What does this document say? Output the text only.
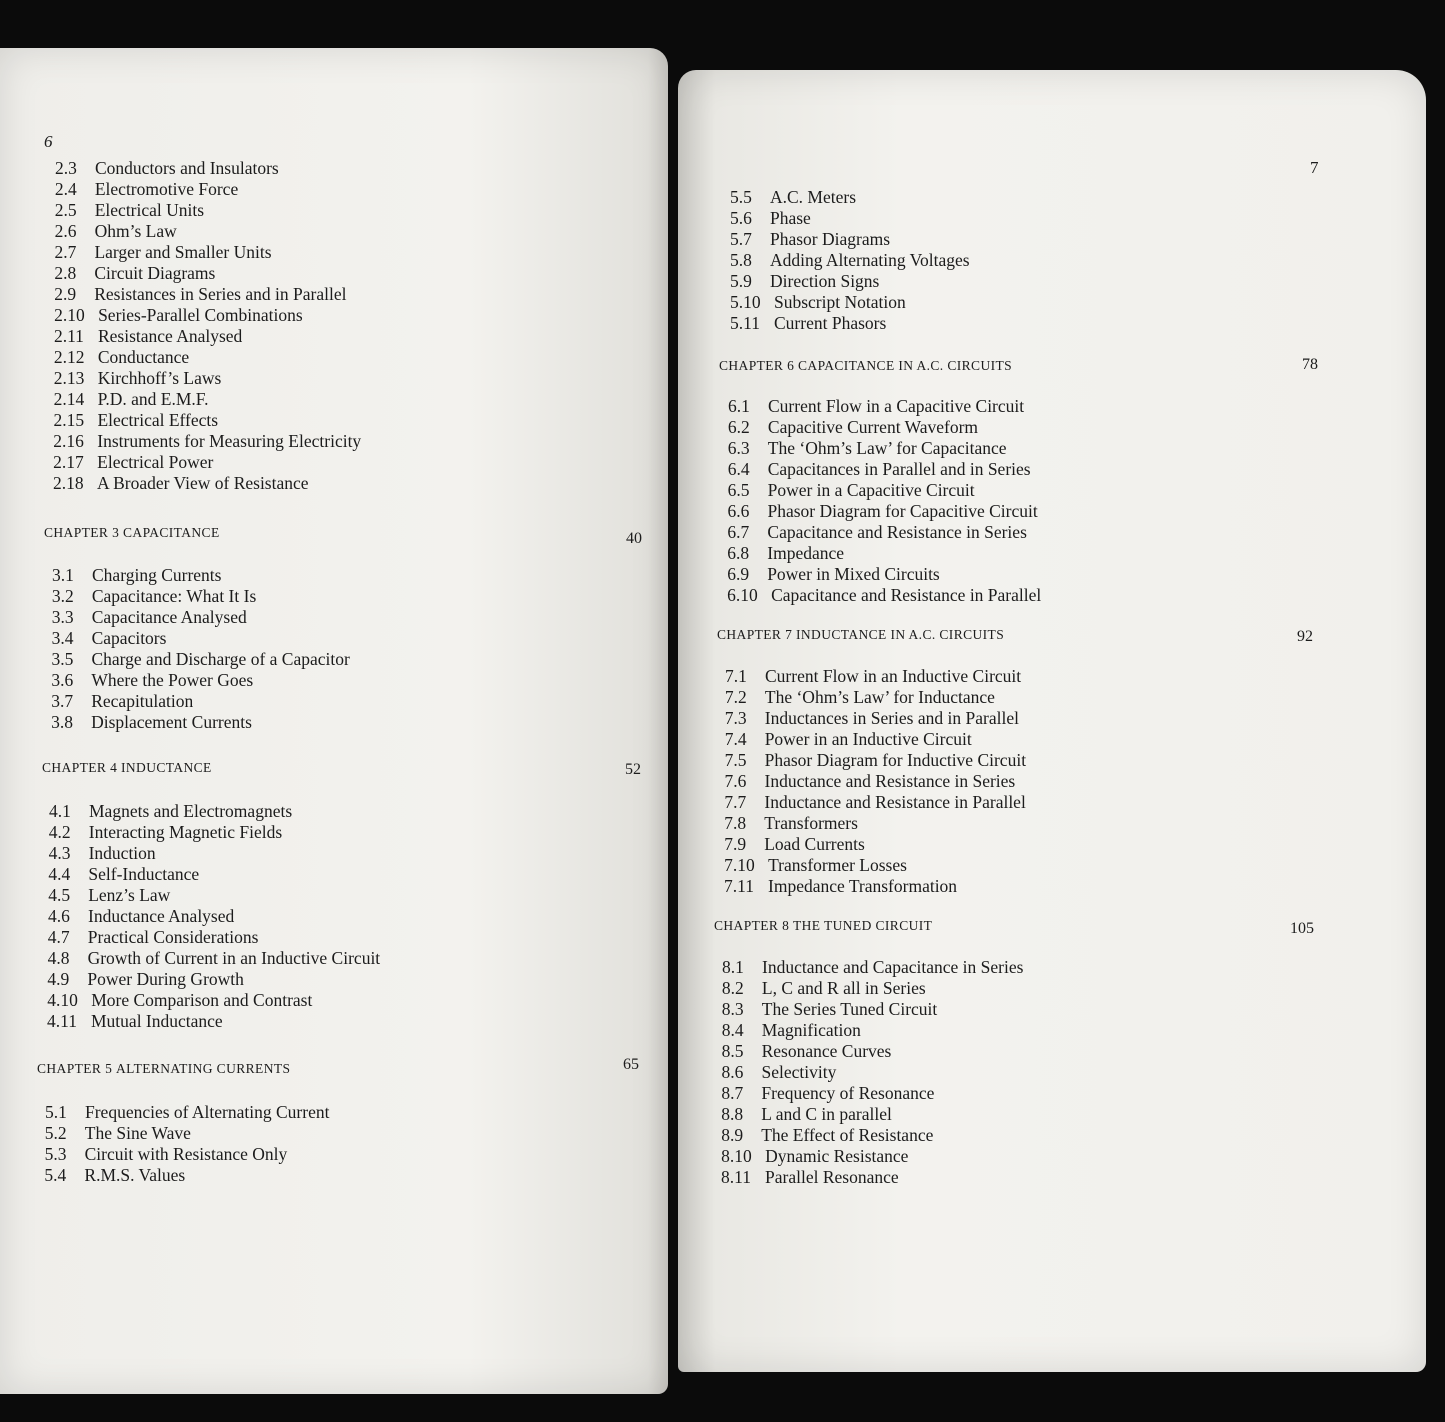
6
7
2.3 Conductors and Insulators
2.4 Electromotive Force
2.5 Electrical Units
2.6 Ohm’s Law
2.7 Larger and Smaller Units
2.8 Circuit Diagrams
2.9 Resistances in Series and in Parallel
2.10 Series-Parallel Combinations
2.11 Resistance Analysed
2.12 Conductance
2.13 Kirchhoff’s Laws
2.14 P.D. and E.M.F.
2.15 Electrical Effects
2.16 Instruments for Measuring Electricity
2.17 Electrical Power
2.18 A Broader View of Resistance
CHAPTER 3 CAPACITANCE	40
3.1 Charging Currents
3.2 Capacitance: What It Is
3.3 Capacitance Analysed
3.4 Capacitors
3.5 Charge and Discharge of a Capacitor
3.6 Where the Power Goes
3.7 Recapitulation
3.8 Displacement Currents
CHAPTER 4 INDUCTANCE	52
4.1 Magnets and Electromagnets
4.2 Interacting Magnetic Fields
4.3 Induction
4.4 Self-Inductance
4.5 Lenz’s Law
4.6 Inductance Analysed
4.7 Practical Considerations
4.8 Growth of Current in an Inductive Circuit
4.9 Power During Growth
4.10 More Comparison and Contrast
4.11 Mutual Inductance
CHAPTER 5 ALTERNATING CURRENTS	65
5.1 Frequencies of Alternating Current
5.2 The Sine Wave
5.3 Circuit with Resistance Only
5.4 R.M.S. Values
5.5 A.C. Meters
5.6 Phase
5.7 Phasor Diagrams
5.8 Adding Alternating Voltages
5.9 Direction Signs
5.10 Subscript Notation
5.11 Current Phasors
CHAPTER 6 CAPACITANCE IN A.C. CIRCUITS	78
6.1 Current Flow in a Capacitive Circuit
6.2 Capacitive Current Waveform
6.3 The ‘Ohm’s Law’ for Capacitance
6.4 Capacitances in Parallel and in Series
6.5 Power in a Capacitive Circuit
6.6 Phasor Diagram for Capacitive Circuit
6.7 Capacitance and Resistance in Series
6.8 Impedance
6.9 Power in Mixed Circuits
6.10 Capacitance and Resistance in Parallel
CHAPTER 7 INDUCTANCE IN A.C. CIRCUITS	92
7.1 Current Flow in an Inductive Circuit
7.2 The ‘Ohm’s Law’ for Inductance
7.3 Inductances in Series and in Parallel
7.4 Power in an Inductive Circuit
7.5 Phasor Diagram for Inductive Circuit
7.6 Inductance and Resistance in Series
7.7 Inductance and Resistance in Parallel
7.8 Transformers
7.9 Load Currents
7.10 Transformer Losses
7.11 Impedance Transformation
CHAPTER 8 THE TUNED CIRCUIT	105
8.1 Inductance and Capacitance in Series
8.2 L, C and R all in Series
8.3 The Series Tuned Circuit
8.4 Magnification
8.5 Resonance Curves
8.6 Selectivity
8.7 Frequency of Resonance
8.8 L and C in parallel
8.9 The Effect of Resistance
8.10 Dynamic Resistance
8.11 Parallel Resonance
